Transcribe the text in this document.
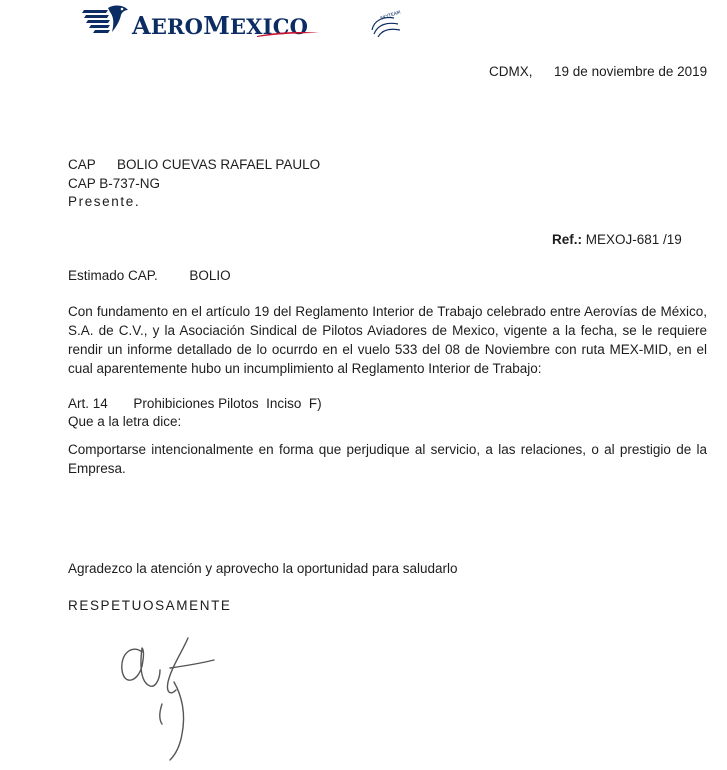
AEROMEXICO	SKYTEAM
CDMX, 19 de noviembre de 2019
CAP BOLIO CUEVAS RAFAEL PAULO
CAP B-737-NG
Presente.
Ref.: MEXOJ-681 /19
Estimado CAP. BOLIO
Con fundamento en el artículo 19 del Reglamento Interior de Trabajo celebrado entre Aerovías de México, S.A. de C.V., y la Asociación Sindical de Pilotos Aviadores de Mexico, vigente a la fecha, se le requiere rendir un informe detallado de lo ocurrdo en el vuelo 533 del 08 de Noviembre con ruta MEX-MID, en el cual aparentemente hubo un incumplimiento al Reglamento Interior de Trabajo:
Art. 14 Prohibiciones Pilotos  Inciso  F)
Que a la letra dice:
Comportarse intencionalmente en forma que perjudique al servicio, a las relaciones, o al prestigio de la Empresa.
Agradezco la atención y aprovecho la oportunidad para saludarlo
RESPETUOSAMENTE
